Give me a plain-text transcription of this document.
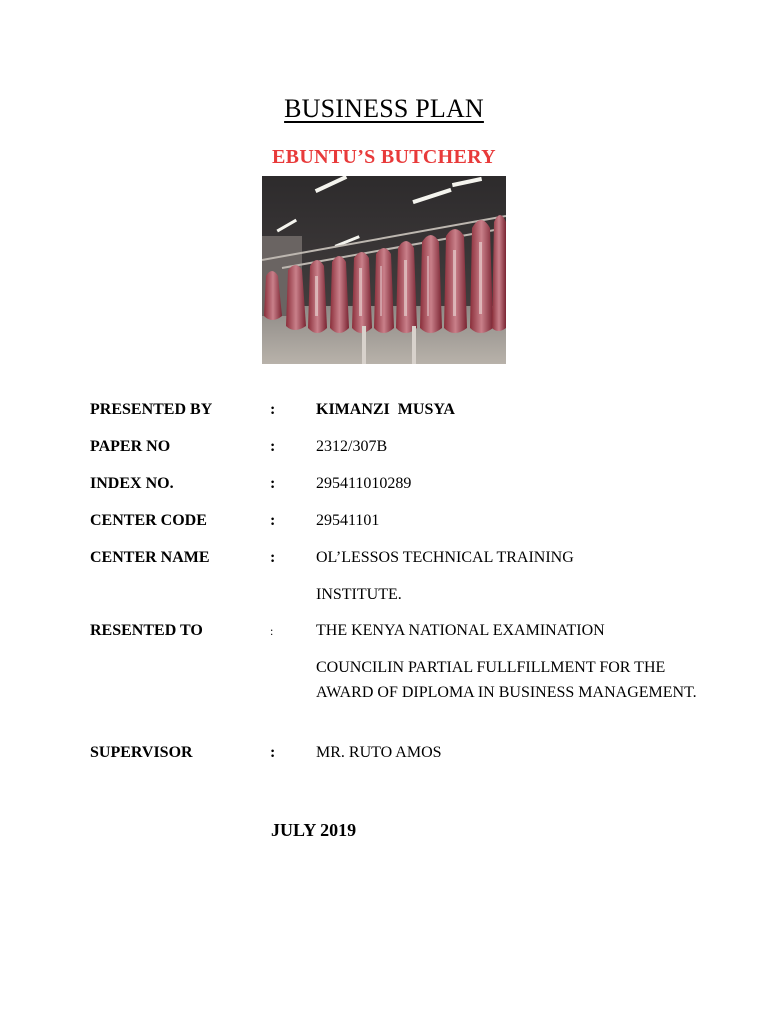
BUSINESS PLAN
EBUNTU’S BUTCHERY
PRESENTED BY	:	KIMANZI  MUSYA
PAPER NO	:	2312/307B
INDEX NO.	:	295411010289
CENTER CODE	:	29541101
CENTER NAME	:	OL’LESSOS TECHNICAL TRAINING
INSTITUTE.
RESENTED TO	:	THE KENYA NATIONAL EXAMINATION
COUNCILIN PARTIAL FULLFILLMENT FOR THE AWARD OF DIPLOMA IN BUSINESS MANAGEMENT.
SUPERVISOR	:	MR. RUTO AMOS
JULY 2019
